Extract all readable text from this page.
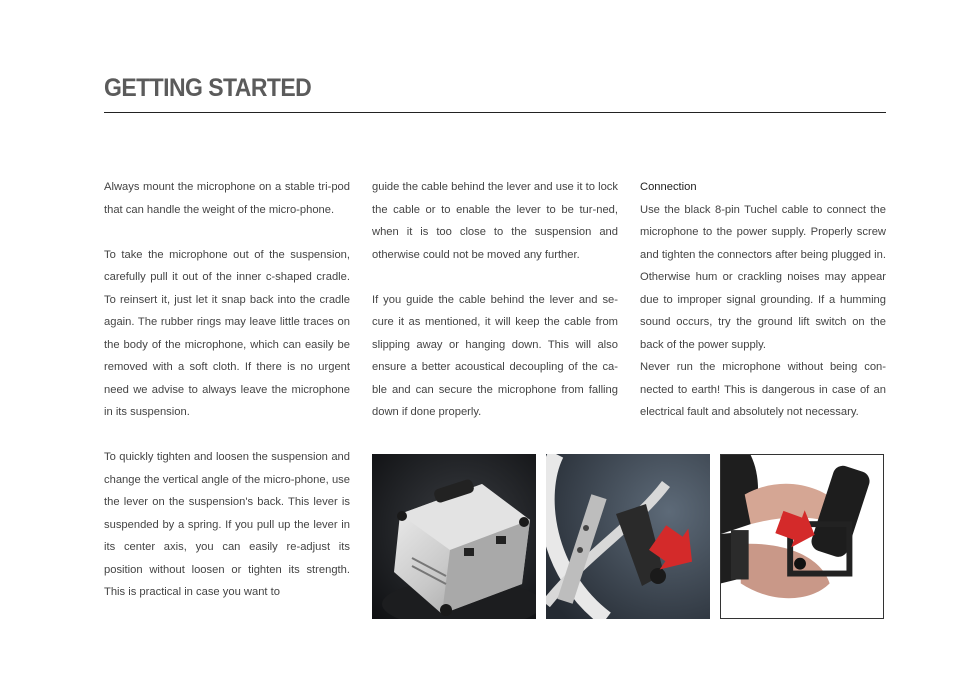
GETTING STARTED

Always mount the microphone on a stable tri-pod that can handle the weight of the micro-phone.

To take the microphone out of the suspension, carefully pull it out of the inner c-shaped cradle. To reinsert it, just let it snap back into the cradle again. The rubber rings may leave little traces on the body of the microphone, which can easily be removed with a soft cloth. If there is no urgent need we advise to always leave the microphone in its suspension.

To quickly tighten and loosen the suspension and change the vertical angle of the micro-phone, use the lever on the suspension's back. This lever is suspended by a spring. If you pull up the lever in its center axis, you can easily re-adjust its position without loosen or tighten its strength. This is practical in case you want to

guide the cable behind the lever and use it to lock the cable or to enable the lever to be tur-ned, when it is too close to the suspension and otherwise could not be moved any further.

If you guide the cable behind the lever and se-cure it as mentioned, it will keep the cable from slipping away or hanging down. This will also ensure a better acoustical decoupling of the ca-ble and can secure the microphone from falling down if done properly.

Connection

Use the black 8-pin Tuchel cable to connect the microphone to the power supply. Properly screw and tighten the connectors after being plugged in. Otherwise hum or crackling noises may appear due to improper signal grounding. If a humming sound occurs, try the ground lift switch on the back of the power supply.

Never run the microphone without being con-nected to earth! This is dangerous in case of an electrical fault and absolutely not necessary.
